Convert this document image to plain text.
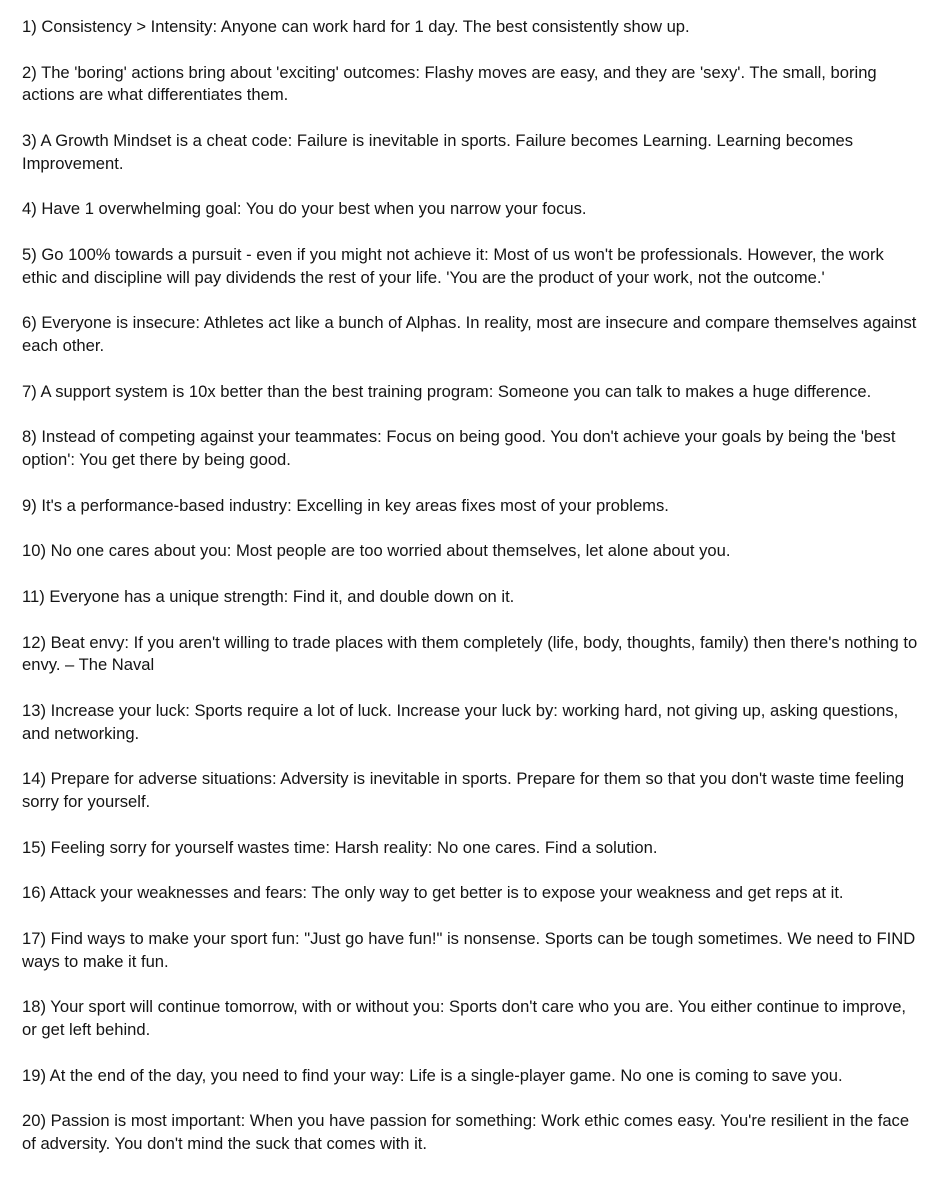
1) Consistency > Intensity: Anyone can work hard for 1 day. The best consistently show up.

2) The 'boring' actions bring about 'exciting' outcomes: Flashy moves are easy, and they are 'sexy'. The small, boring actions are what differentiates them.

3) A Growth Mindset is a cheat code: Failure is inevitable in sports. Failure becomes Learning. Learning becomes Improvement.

4) Have 1 overwhelming goal: You do your best when you narrow your focus.

5) Go 100% towards a pursuit - even if you might not achieve it: Most of us won't be professionals. However, the work ethic and discipline will pay dividends the rest of your life. 'You are the product of your work, not the outcome.'

6) Everyone is insecure: Athletes act like a bunch of Alphas. In reality, most are insecure and compare themselves against each other.

7) A support system is 10x better than the best training program: Someone you can talk to makes a huge difference.

8) Instead of competing against your teammates: Focus on being good. You don't achieve your goals by being the 'best option': You get there by being good.

9) It's a performance-based industry: Excelling in key areas fixes most of your problems.

10) No one cares about you: Most people are too worried about themselves, let alone about you.

11) Everyone has a unique strength: Find it, and double down on it.

12) Beat envy: If you aren't willing to trade places with them completely (life, body, thoughts, family) then there's nothing to envy. – The Naval

13) Increase your luck: Sports require a lot of luck. Increase your luck by: working hard, not giving up, asking questions, and networking.

14) Prepare for adverse situations: Adversity is inevitable in sports. Prepare for them so that you don't waste time feeling sorry for yourself.

15) Feeling sorry for yourself wastes time: Harsh reality: No one cares. Find a solution.

16) Attack your weaknesses and fears: The only way to get better is to expose your weakness and get reps at it.

17) Find ways to make your sport fun: "Just go have fun!" is nonsense. Sports can be tough sometimes. We need to FIND ways to make it fun.

18) Your sport will continue tomorrow, with or without you: Sports don't care who you are. You either continue to improve, or get left behind.

19) At the end of the day, you need to find your way: Life is a single-player game. No one is coming to save you.

20) Passion is most important: When you have passion for something: Work ethic comes easy. You're resilient in the face of adversity. You don't mind the suck that comes with it.
